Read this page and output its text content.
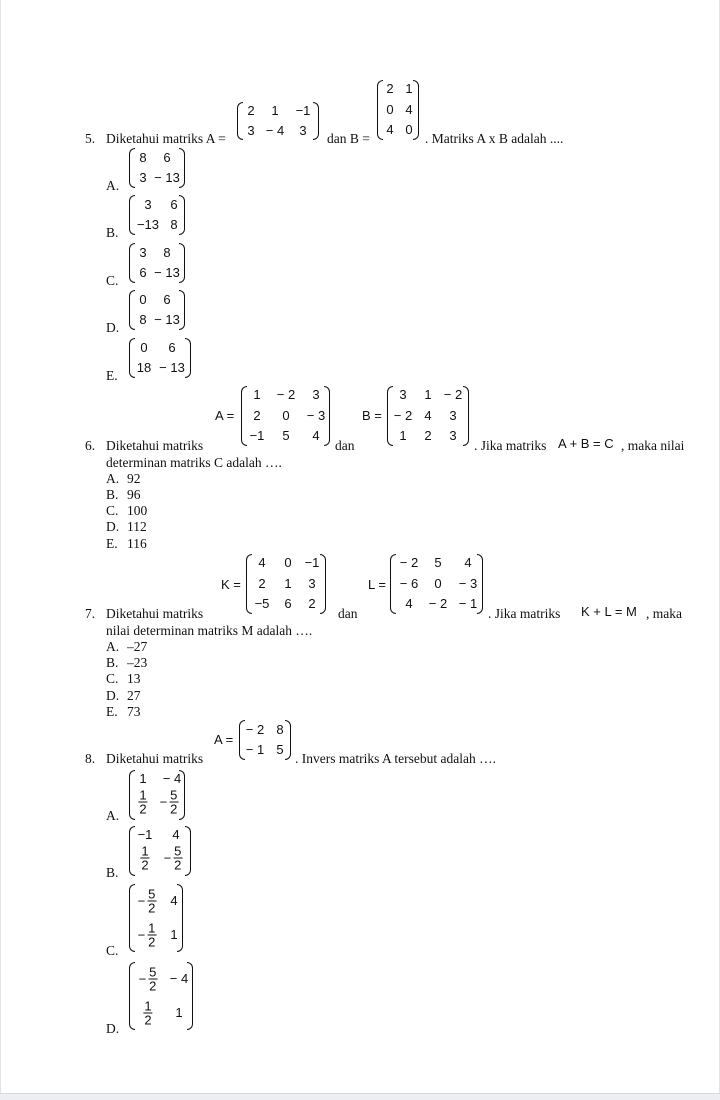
5. Diketahui matriks A =
2 1 −1
3 − 4 3
dan B =
2 1
0 4
4 0
. Matriks A x B adalah ....
A.
8 6
3 − 13
B.
3 6
−13 8
C.
3 8
6 − 13
D.
0 6
8 − 13
E.
0 6
18 − 13
6. Diketahui matriks
A =
1 − 2 3
2 0 − 3
−1 5 4
dan
B =
3 1 − 2
− 2 4 3
1 2 3
. Jika matriks A + B = C , maka nilai
determinan matriks C adalah ….
A. 92
B. 96
C. 100
D. 112
E. 116
7. Diketahui matriks
K =
4 0 −1
2 1 3
−5 6 2
dan
L =
− 2 5 4
− 6 0 − 3
4 − 2 − 1
. Jika matriks K + L = M , maka
nilai determinan matriks M adalah ….
A. –27
B. –23
C. 13
D. 27
E. 73
8. Diketahui matriks
A =
− 2 8
− 1 5
. Invers matriks A tersebut adalah ….
A.
1 − 4
$\frac{1}{2} - \frac{5}{2}$
B.
−1 4
$\frac{1}{2} - \frac{5}{2}$
C.
− $\frac{5}{2} 4$
− $\frac{1}{2} 1$
D.
− $\frac{5}{2} - 4$
$\frac{1}{2} 1$
